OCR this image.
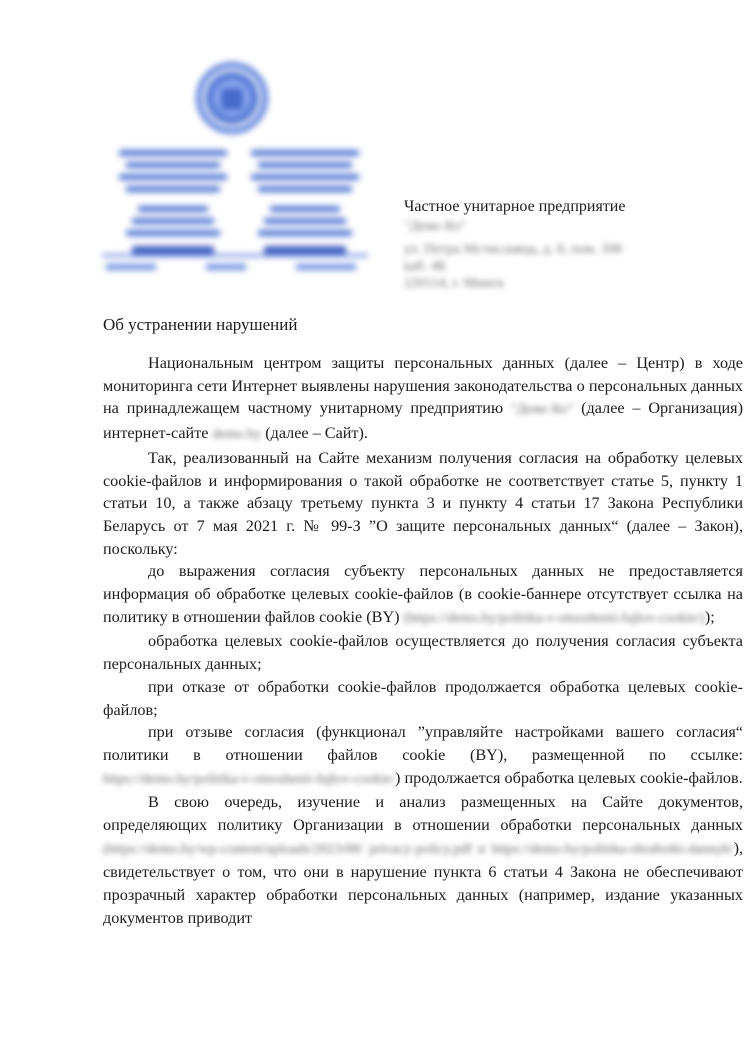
Частное унитарное предприятие
"Демо Ко"
ул. Петра Мстиславца, д. 8, пом. 398
каб. 4Б
220114, г. Минск
Об устранении нарушений

Национальным центром защиты персональных данных (далее – Центр) в ходе мониторинга сети Интернет выявлены нарушения законодательства о персональных данных на принадлежащем частному унитарному предприятию "Демо Ко" (далее – Организация) интернет-сайте demo.by (далее – Сайт).

Так, реализованный на Сайте механизм получения согласия на обработку целевых cookie-файлов и информирования о такой обработке не соответствует статье 5, пункту 1 статьи 10, а также абзацу третьему пункта 3 и пункту 4 статьи 17 Закона Республики Беларусь от 7 мая 2021 г. № 99-З ”О защите персональных данных“ (далее – Закон), поскольку:

до выражения согласия субъекту персональных данных не предоставляется информация об обработке целевых cookie-файлов (в cookie-баннере отсутствует ссылка на политику в отношении файлов cookie (BY) (https://demo.by/politika-v-otnoshenii-fajlov-cookie/));

обработка целевых cookie-файлов осуществляется до получения согласия субъекта персональных данных;

при отказе от обработки cookie-файлов продолжается обработка целевых cookie-файлов;

при отзыве согласия (функционал ”управляйте настройками вашего согласия“ политики в отношении файлов cookie (BY), размещенной по ссылке: https://demo.by/politika-v-otnoshenii-fajlov-cookie/) продолжается обработка целевых cookie-файлов.

В свою очередь, изучение и анализ размещенных на Сайте документов, определяющих политику Организации в отношении обработки персональных данных (https://demo.by/wp-content/uploads/2023/08/ privacy-policy.pdf и https://demo.by/politika-obrabotki-dannyh/), свидетельствует о том, что они в нарушение пункта 6 статьи 4 Закона не обеспечивают прозрачный характер обработки персональных данных (например, издание указанных документов приводит
